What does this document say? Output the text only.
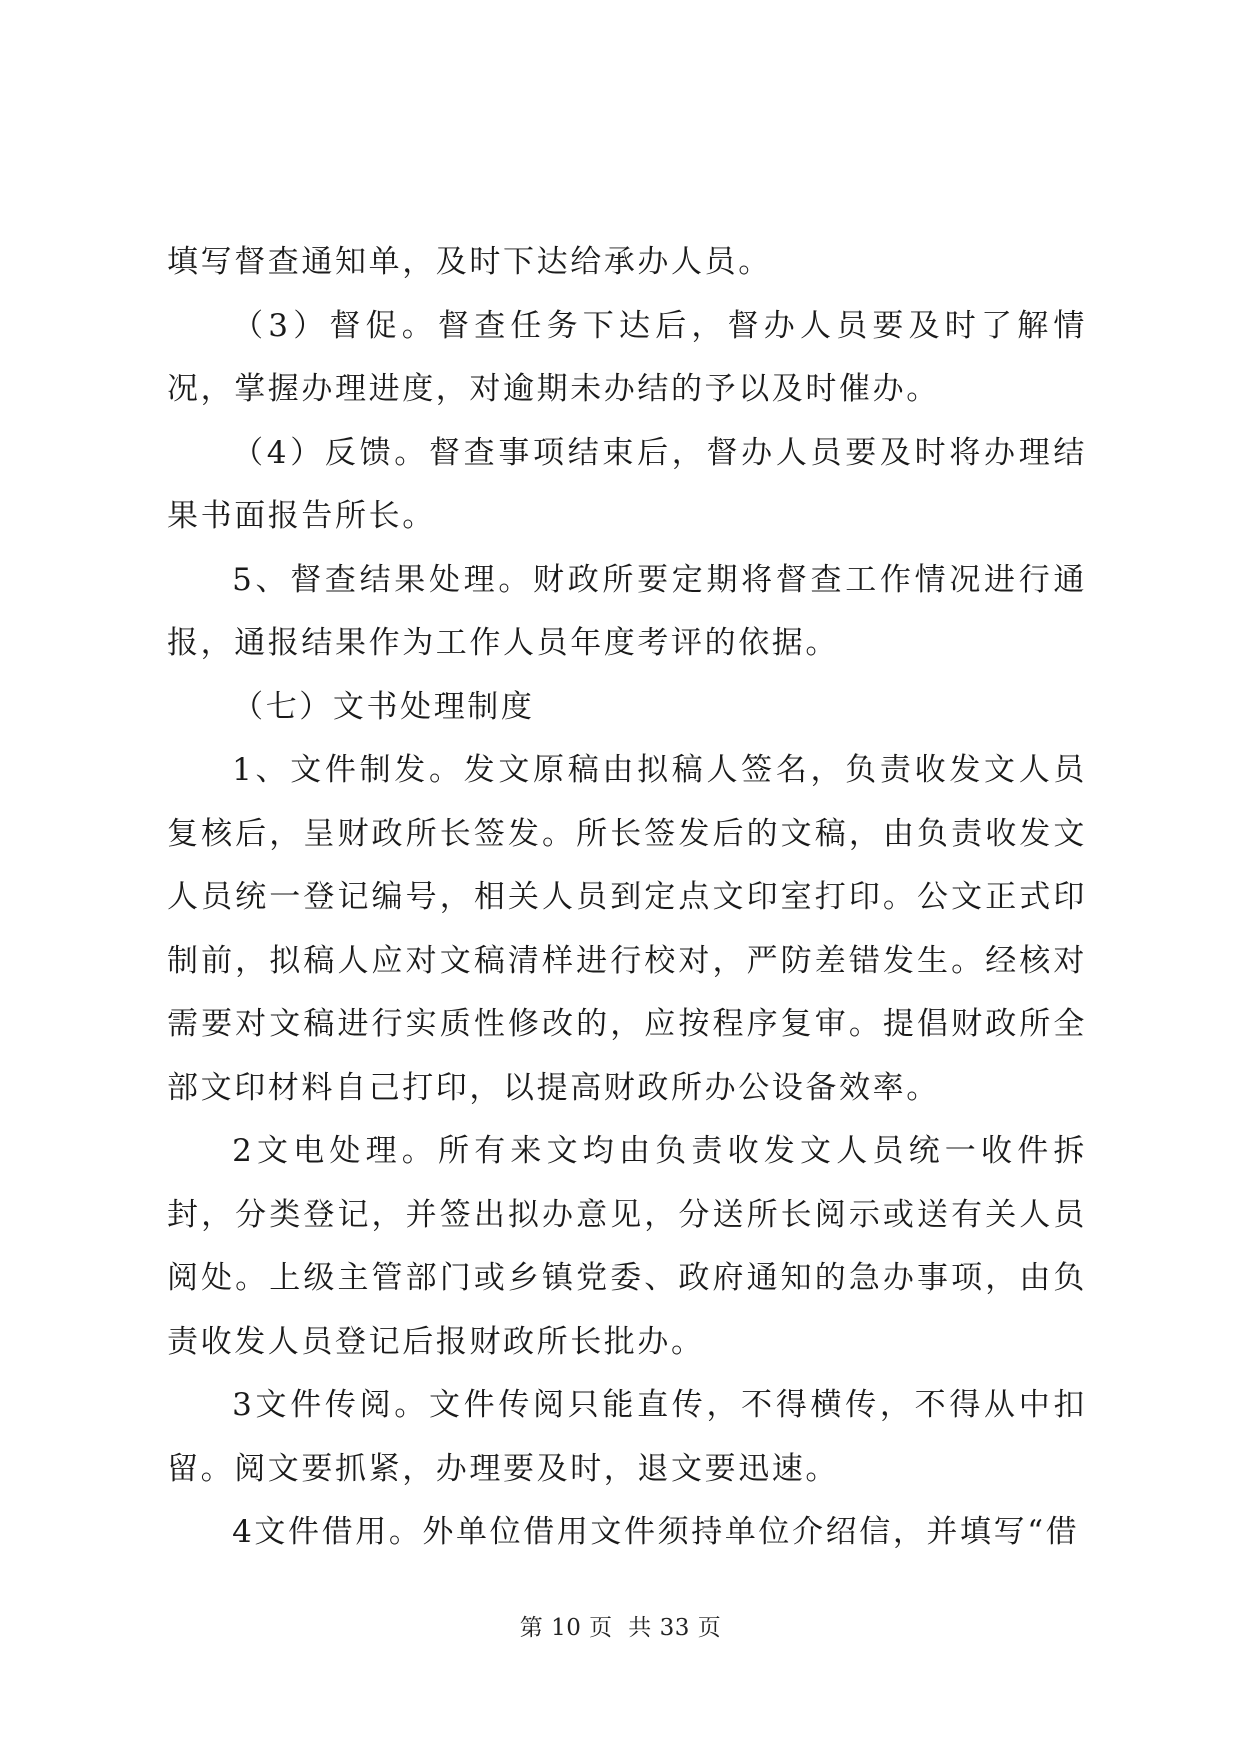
填写督查通知单，及时下达给承办人员。

（3）督促。督查任务下达后，督办人员要及时了解情况，掌握办理进度，对逾期未办结的予以及时催办。

（4）反馈。督查事项结束后，督办人员要及时将办理结果书面报告所长。

5、督查结果处理。财政所要定期将督查工作情况进行通报，通报结果作为工作人员年度考评的依据。

（七）文书处理制度

1、文件制发。发文原稿由拟稿人签名，负责收发文人员复核后，呈财政所长签发。所长签发后的文稿，由负责收发文人员统一登记编号，相关人员到定点文印室打印。公文正式印制前，拟稿人应对文稿清样进行校对，严防差错发生。经核对需要对文稿进行实质性修改的，应按程序复审。提倡财政所全部文印材料自己打印，以提高财政所办公设备效率。

2文电处理。所有来文均由负责收发文人员统一收件拆封，分类登记，并签出拟办意见，分送所长阅示或送有关人员阅处。上级主管部门或乡镇党委、政府通知的急办事项，由负责收发人员登记后报财政所长批办。

3文件传阅。文件传阅只能直传，不得横传，不得从中扣留。阅文要抓紧，办理要及时，退文要迅速。

4文件借用。外单位借用文件须持单位介绍信，并填写“借

第 10 页  共 33 页
